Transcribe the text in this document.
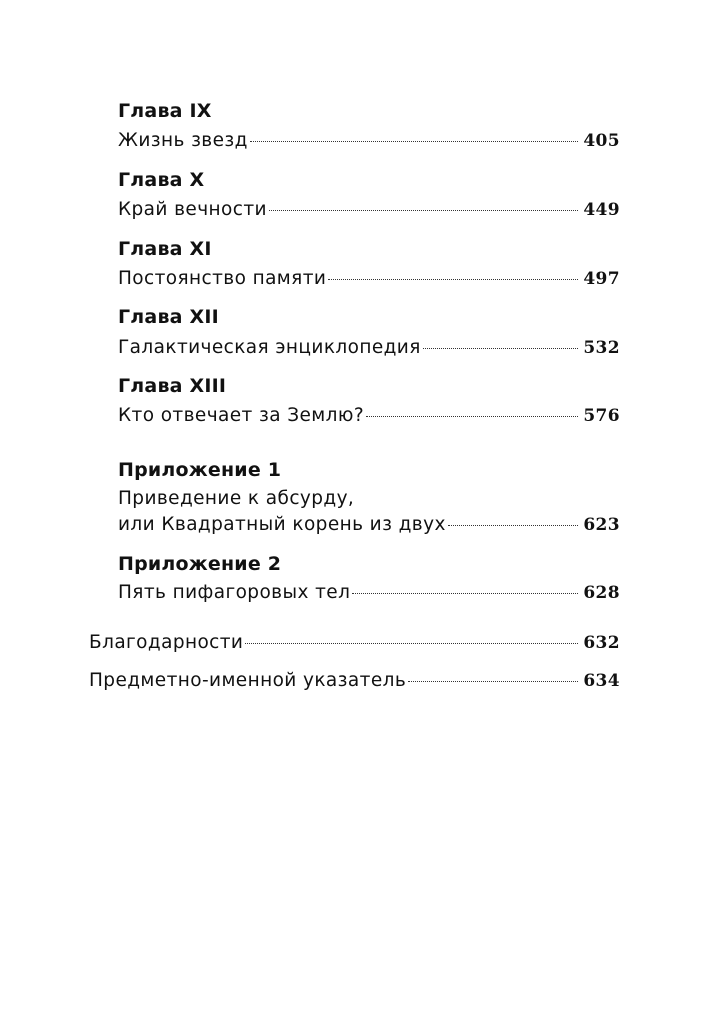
Глава IX
Жизнь звезд	405
Глава X
Край вечности	449
Глава XI
Постоянство памяти	497
Глава XII
Галактическая энциклопедия	532
Глава XIII
Кто отвечает за Землю?	576
Приложение 1
Приведение к абсурду,
или Квадратный корень из двух	623
Приложение 2
Пять пифагоровых тел	628
Благодарности	632
Предметно-именной указатель	634
